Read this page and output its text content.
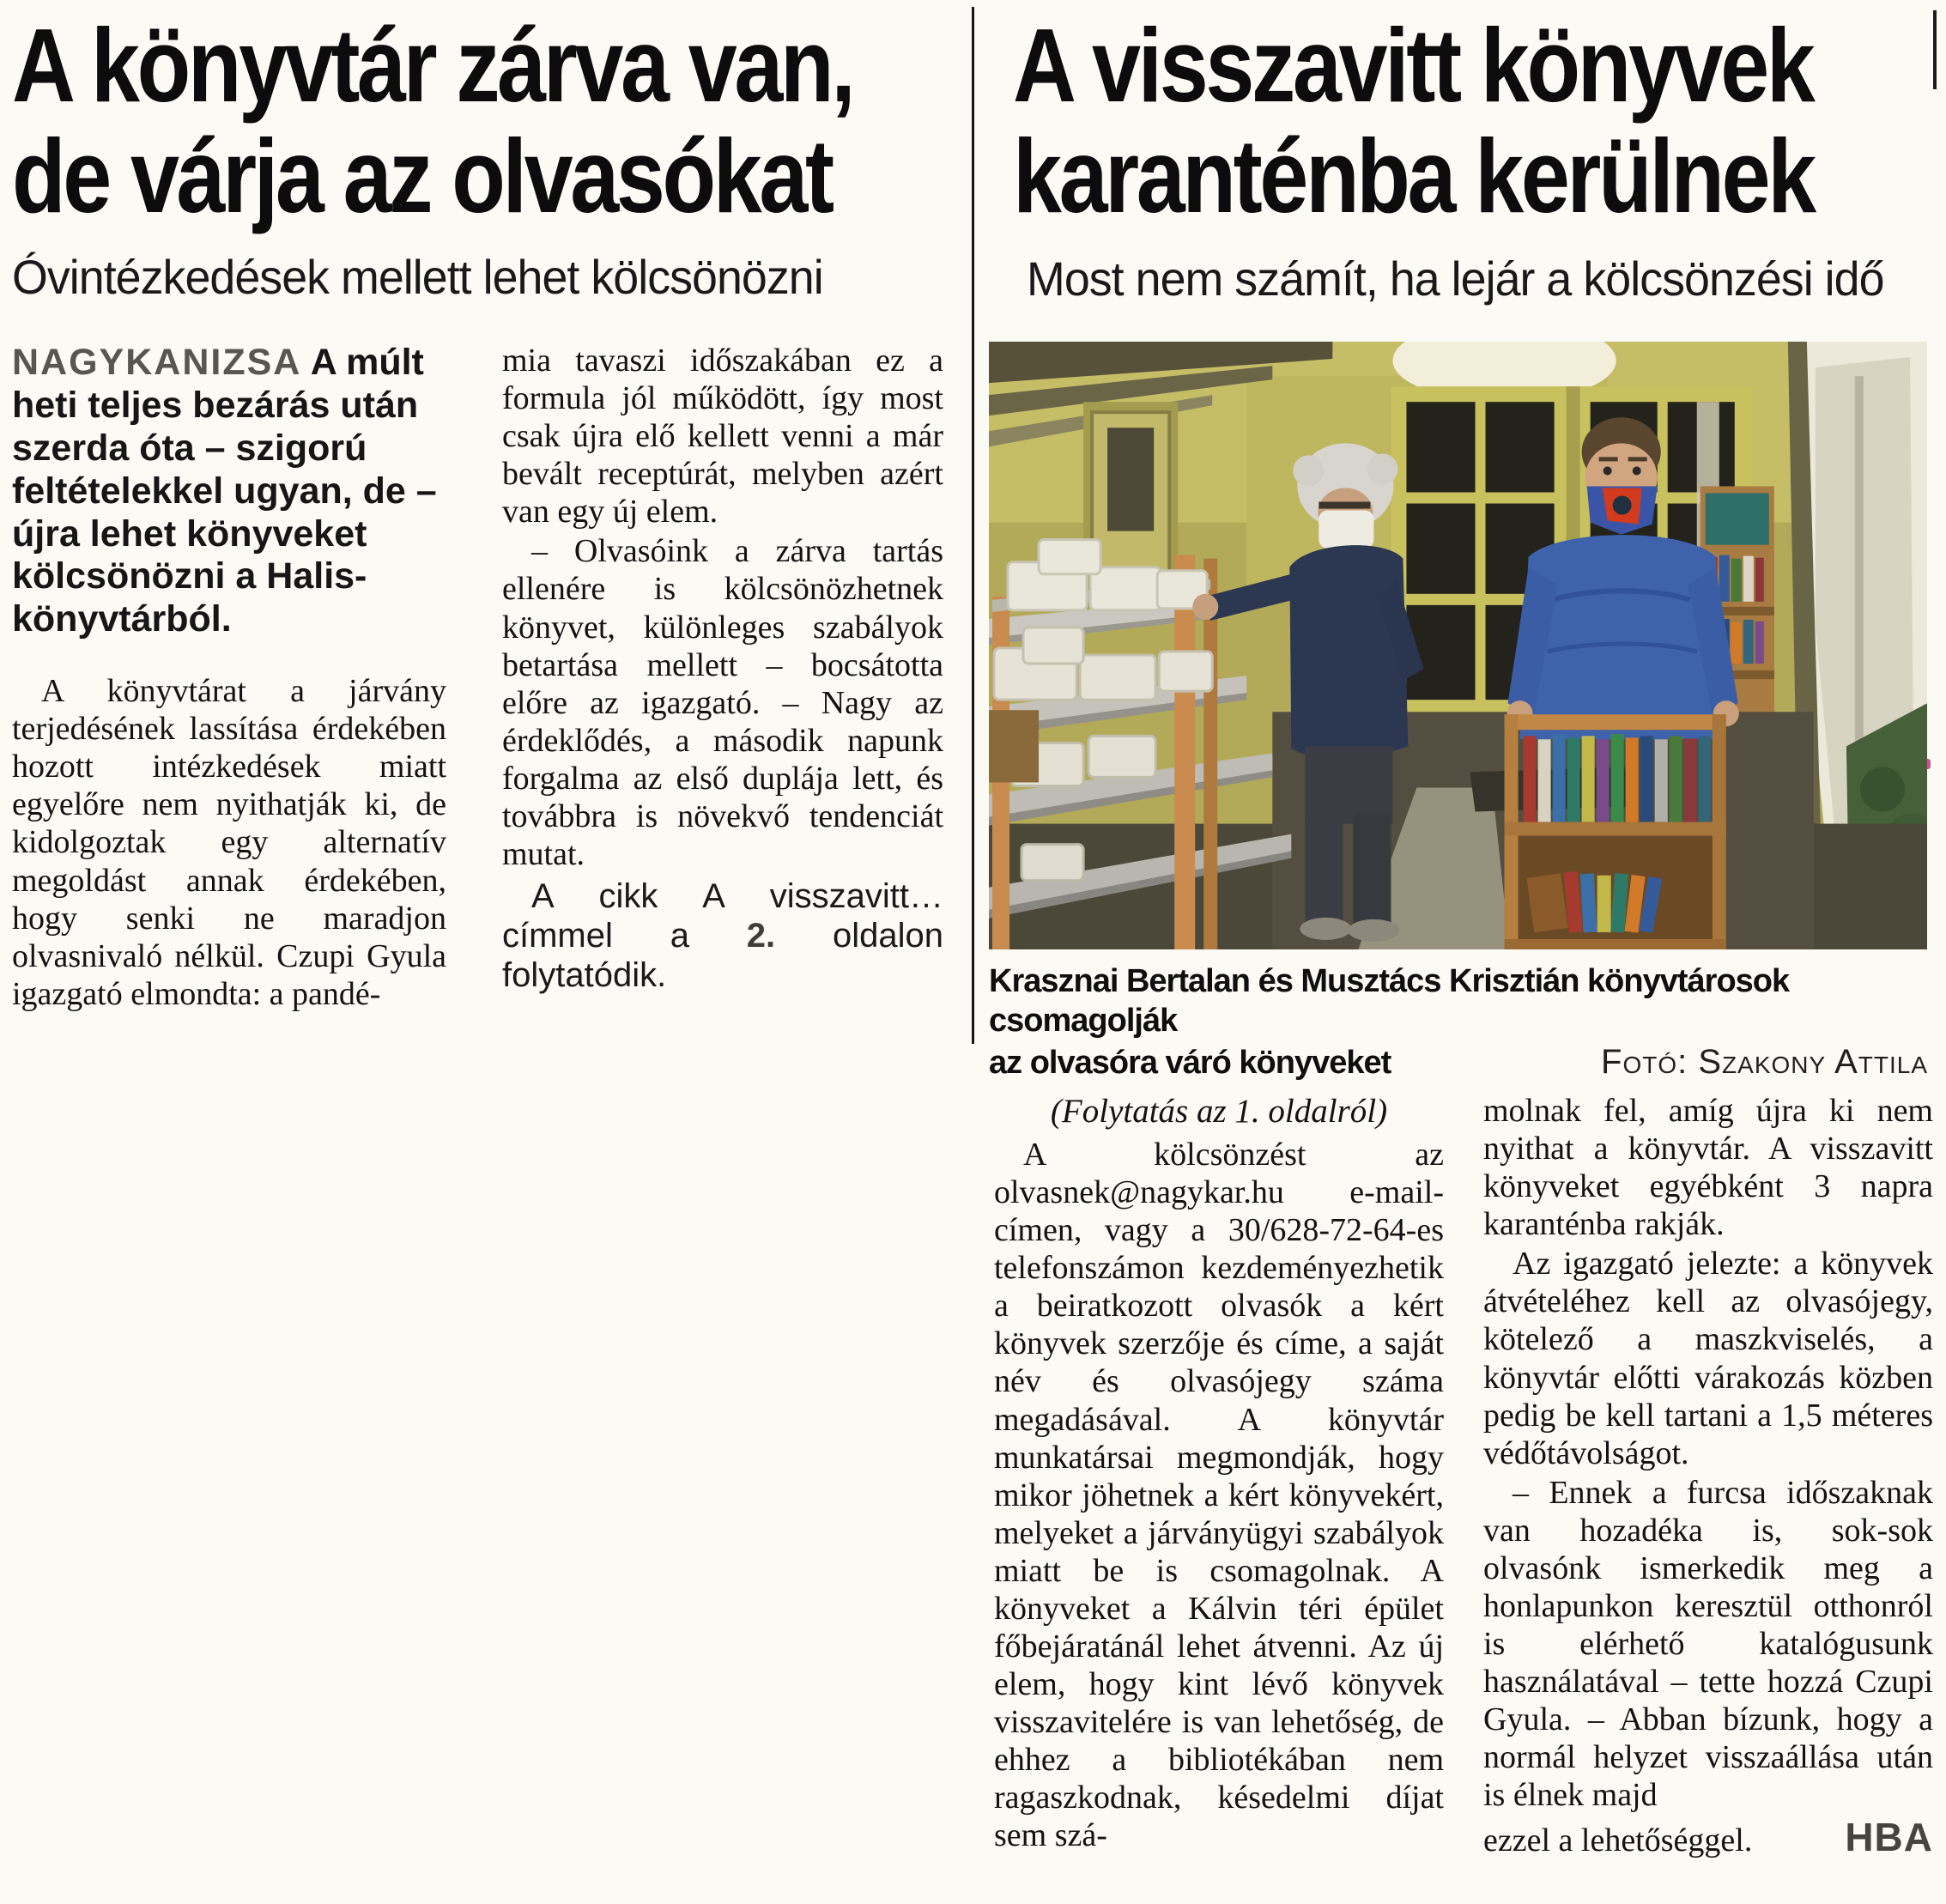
A könyvtár zárva van,
de várja az olvasókat
Óvintézkedések mellett lehet kölcsönözni
NAGYKANIZSA A múlt heti teljes bezárás után szerda óta – szigorú feltételekkel ugyan, de – újra lehet könyveket kölcsönözni a Halis-könyvtárból.

A könyvtárat a járvány terjedésének lassítása érdekében hozott intézkedések miatt egyelőre nem nyithatják ki, de kidolgoztak egy alternatív megoldást annak érdekében, hogy senki ne maradjon olvasnivaló nélkül. Czupi Gyula igazgató elmondta: a pandé-

mia tavaszi időszakában ez a formula jól működött, így most csak újra elő kellett venni a már bevált receptúrát, melyben azért van egy új elem.

– Olvasóink a zárva tartás ellenére is kölcsönözhetnek könyvet, különleges szabályok betartása mellett – bocsátotta előre az igazgató. – Nagy az érdeklődés, a második napunk forgalma az első duplája lett, és továbbra is növekvő tendenciát mutat.

A cikk A visszavitt… címmel a 2. oldalon folytatódik.
A visszavitt könyvek
karanténba kerülnek
Most nem számít, ha lejár a kölcsönzési idő
Krasznai Bertalan és Musztács Krisztián könyvtárosok csomagolják
az olvasóra váró könyveket	Fotó: Szakony Attila

(Folytatás az 1. oldalról)

A kölcsönzést az olvasnek@nagykar.hu e-mail-címen, vagy a 30/628-72-64-es telefonszámon kezdeményezhetik a beiratkozott olvasók a kért könyvek szerzője és címe, a saját név és olvasójegy száma megadásával. A könyvtár munkatársai megmondják, hogy mikor jöhetnek a kért könyvekért, melyeket a járványügyi szabályok miatt be is csomagolnak. A könyveket a Kálvin téri épület főbejáratánál lehet átvenni. Az új elem, hogy kint lévő könyvek visszavitelére is van lehetőség, de ehhez a bibliotékában nem ragaszkodnak, késedelmi díjat sem szá-

molnak fel, amíg újra ki nem nyithat a könyvtár. A visszavitt könyveket egyébként 3 napra karanténba rakják.

Az igazgató jelezte: a könyvek átvételéhez kell az olvasójegy, kötelező a maszkviselés, a könyvtár előtti várakozás közben pedig be kell tartani a 1,5 méteres védőtávolságot.

– Ennek a furcsa időszaknak van hozadéka is, sok-sok olvasónk ismerkedik meg a honlapunkon keresztül otthonról is elérhető katalógusunk használatával – tette hozzá Czupi Gyula. – Abban bízunk, hogy a normál helyzet visszaállása után is élnek majd

ezzel a lehetőséggel. HBA
